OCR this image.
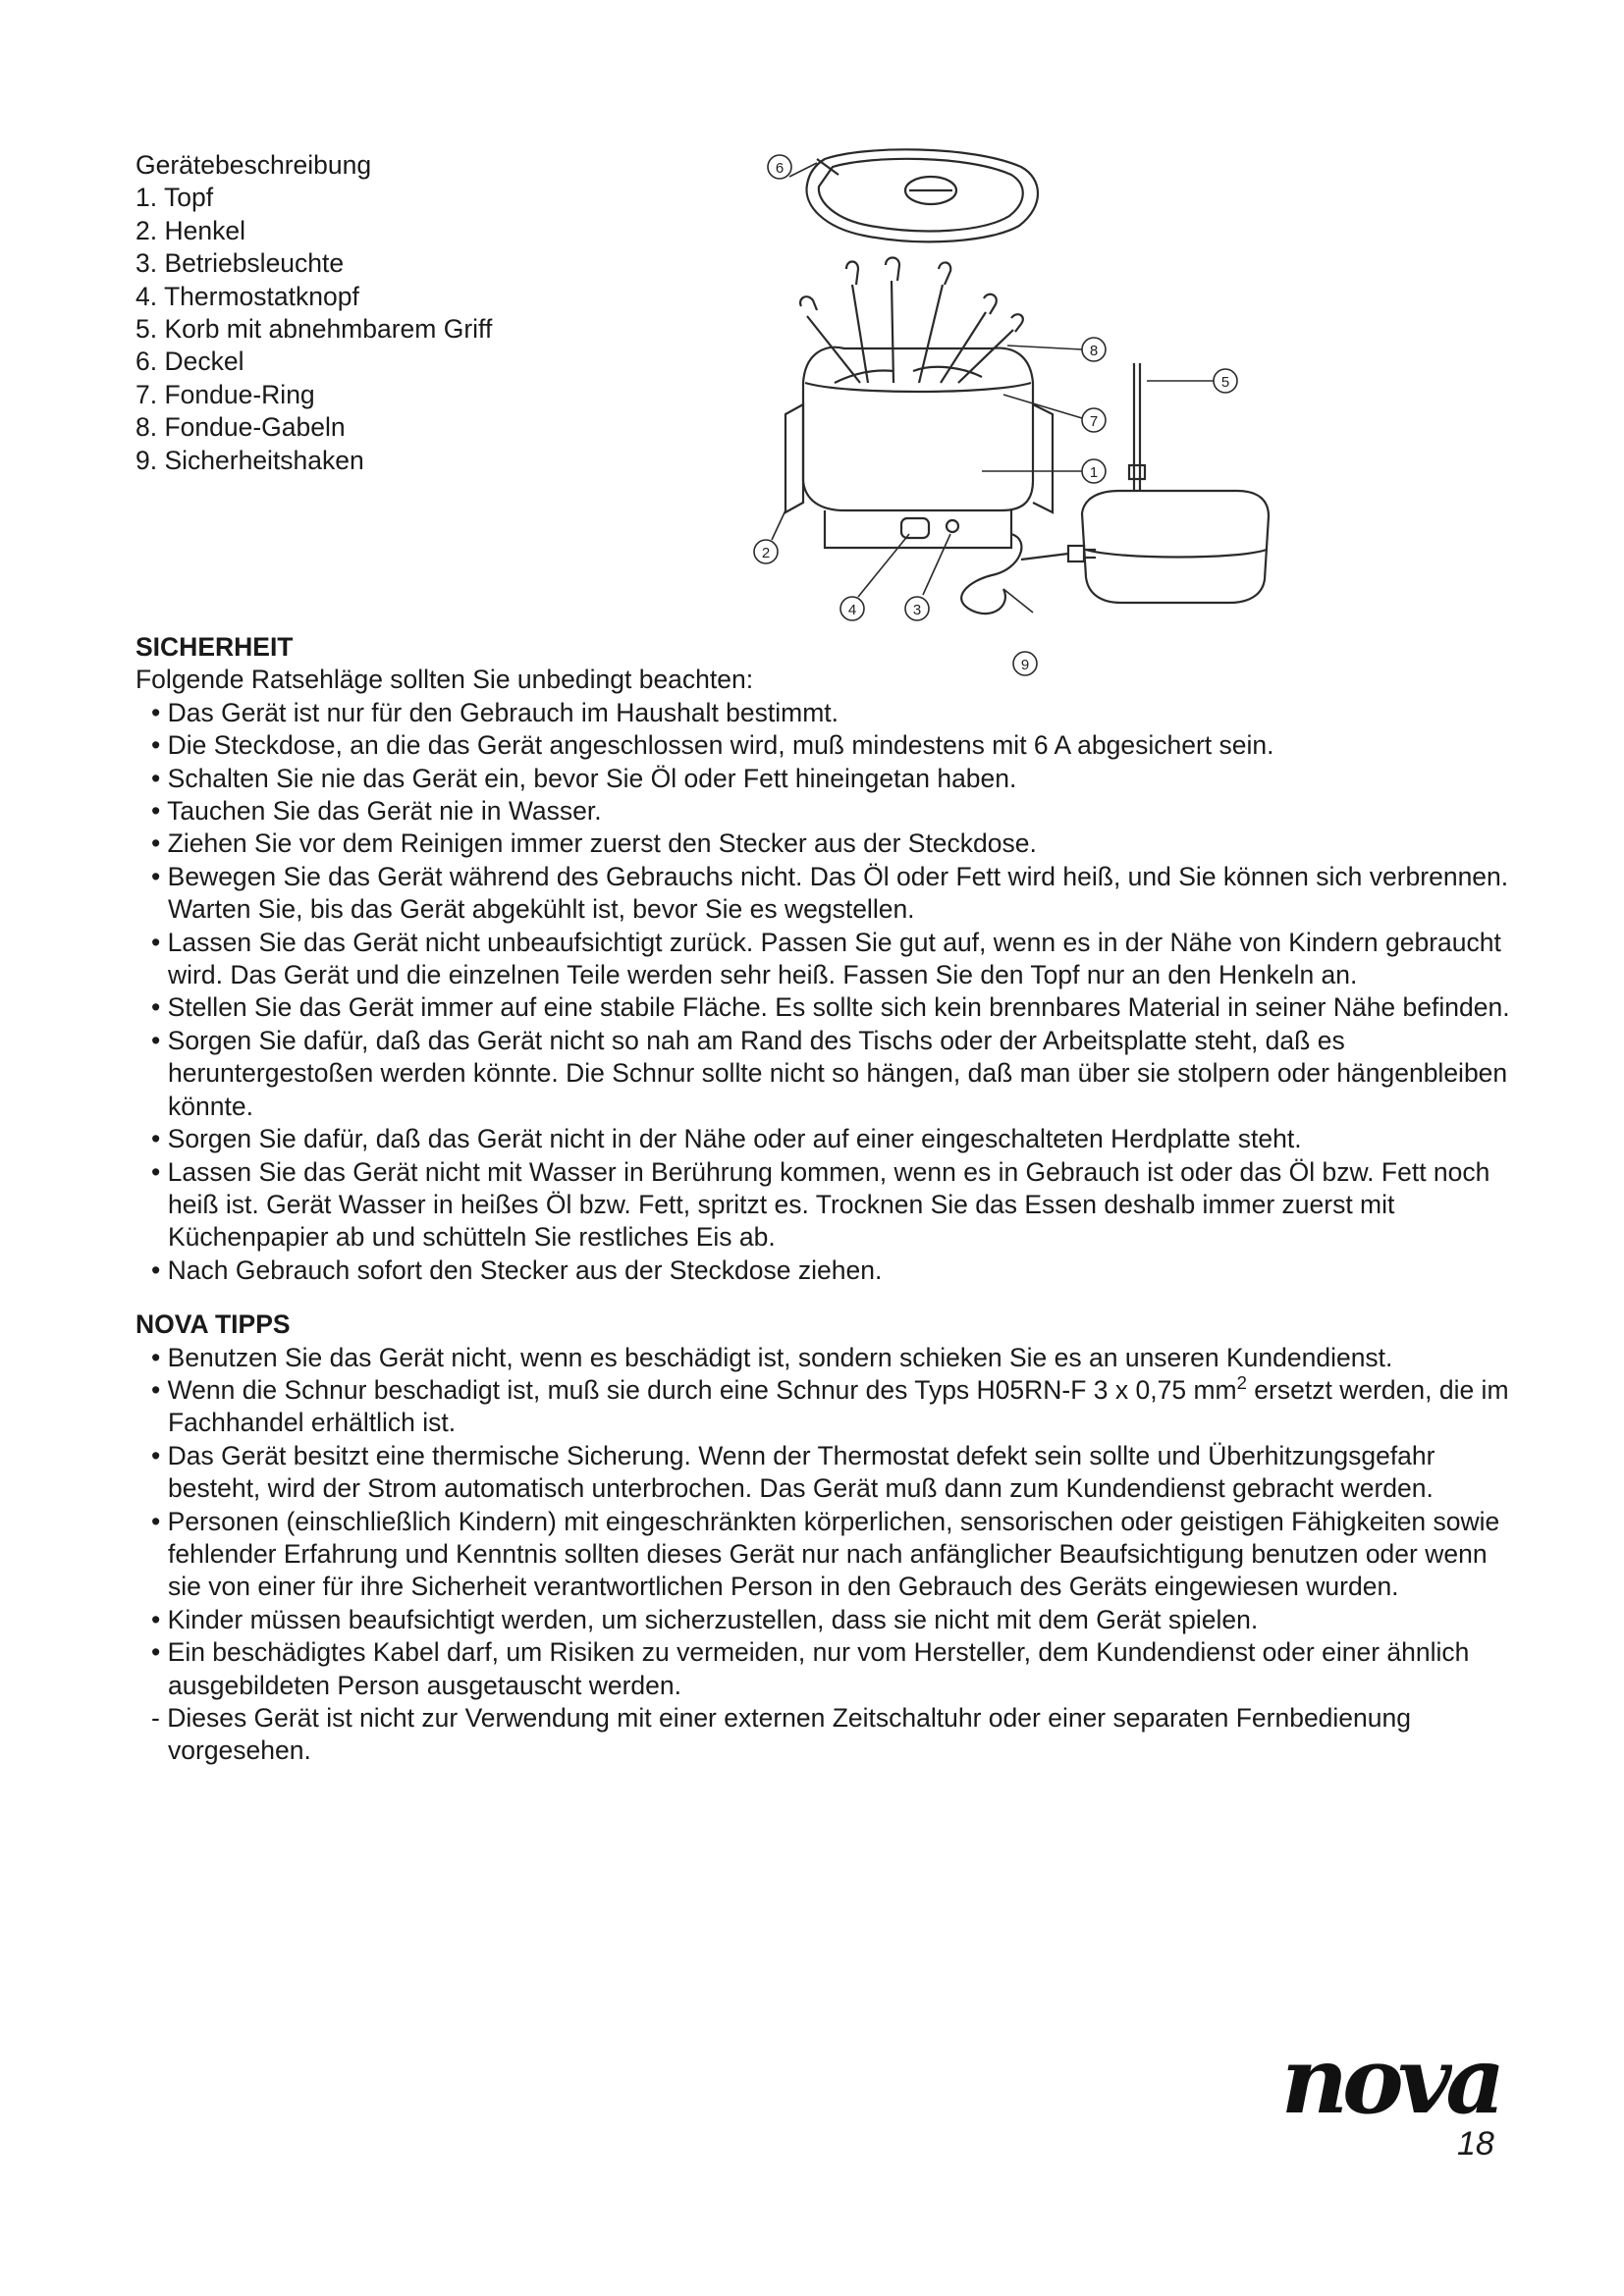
Gerätebeschreibung
1. Topf
2. Henkel
3. Betriebsleuchte
4. Thermostatknopf
5. Korb mit abnehmbarem Griff
6. Deckel
7. Fondue-Ring
8. Fondue-Gabeln
9. Sicherheitshaken
6
8
7
5
1
2
4	3
9
SICHERHEIT
Folgende Ratsehläge sollten Sie unbedingt beachten:
• Das Gerät ist nur für den Gebrauch im Haushalt bestimmt.
• Die Steckdose, an die das Gerät angeschlossen wird, muß mindestens mit 6 A abgesichert sein.
• Schalten Sie nie das Gerät ein, bevor Sie Öl oder Fett hineingetan haben.
• Tauchen Sie das Gerät nie in Wasser.
• Ziehen Sie vor dem Reinigen immer zuerst den Stecker aus der Steckdose.
• Bewegen Sie das Gerät während des Gebrauchs nicht. Das Öl oder Fett wird heiß, und Sie können sich verbrennen. Warten Sie, bis das Gerät abgekühlt ist, bevor Sie es wegstellen.
• Lassen Sie das Gerät nicht unbeaufsichtigt zurück. Passen Sie gut auf, wenn es in der Nähe von Kindern gebraucht wird. Das Gerät und die einzelnen Teile werden sehr heiß. Fassen Sie den Topf nur an den Henkeln an.
• Stellen Sie das Gerät immer auf eine stabile Fläche. Es sollte sich kein brennbares Material in seiner Nähe befinden.
• Sorgen Sie dafür, daß das Gerät nicht so nah am Rand des Tischs oder der Arbeitsplatte steht, daß es heruntergestoßen werden könnte. Die Schnur sollte nicht so hängen, daß man über sie stolpern oder hängenbleiben könnte.
• Sorgen Sie dafür, daß das Gerät nicht in der Nähe oder auf einer eingeschalteten Herdplatte steht.
• Lassen Sie das Gerät nicht mit Wasser in Berührung kommen, wenn es in Gebrauch ist oder das Öl bzw. Fett noch heiß ist. Gerät Wasser in heißes Öl bzw. Fett, spritzt es. Trocknen Sie das Essen deshalb immer zuerst mit Küchenpapier ab und schütteln Sie restliches Eis ab.
• Nach Gebrauch sofort den Stecker aus der Steckdose ziehen.
NOVA TIPPS
• Benutzen Sie das Gerät nicht, wenn es beschädigt ist, sondern schieken Sie es an unseren Kundendienst.
• Wenn die Schnur beschadigt ist, muß sie durch eine Schnur des Typs H05RN-F 3 x 0,75 $mm^2$ ersetzt werden, die im Fachhandel erhältlich ist.
• Das Gerät besitzt eine thermische Sicherung. Wenn der Thermostat defekt sein sollte und Überhitzungsgefahr besteht, wird der Strom automatisch unterbrochen. Das Gerät muß dann zum Kundendienst gebracht werden.
• Personen (einschließlich Kindern) mit eingeschränkten körperlichen, sensorischen oder geistigen Fähigkeiten sowie fehlender Erfahrung und Kenntnis sollten dieses Gerät nur nach anfänglicher Beaufsichtigung benutzen oder wenn sie von einer für ihre Sicherheit verantwortlichen Person in den Gebrauch des Geräts eingewiesen wurden.
• Kinder müssen beaufsichtigt werden, um sicherzustellen, dass sie nicht mit dem Gerät spielen.
• Ein beschädigtes Kabel darf, um Risiken zu vermeiden, nur vom Hersteller, dem Kundendienst oder einer ähnlich ausgebildeten Person ausgetauscht werden.
- Dieses Gerät ist nicht zur Verwendung mit einer externen Zeitschaltuhr oder einer separaten Fernbedienung vorgesehen.
nova
18
